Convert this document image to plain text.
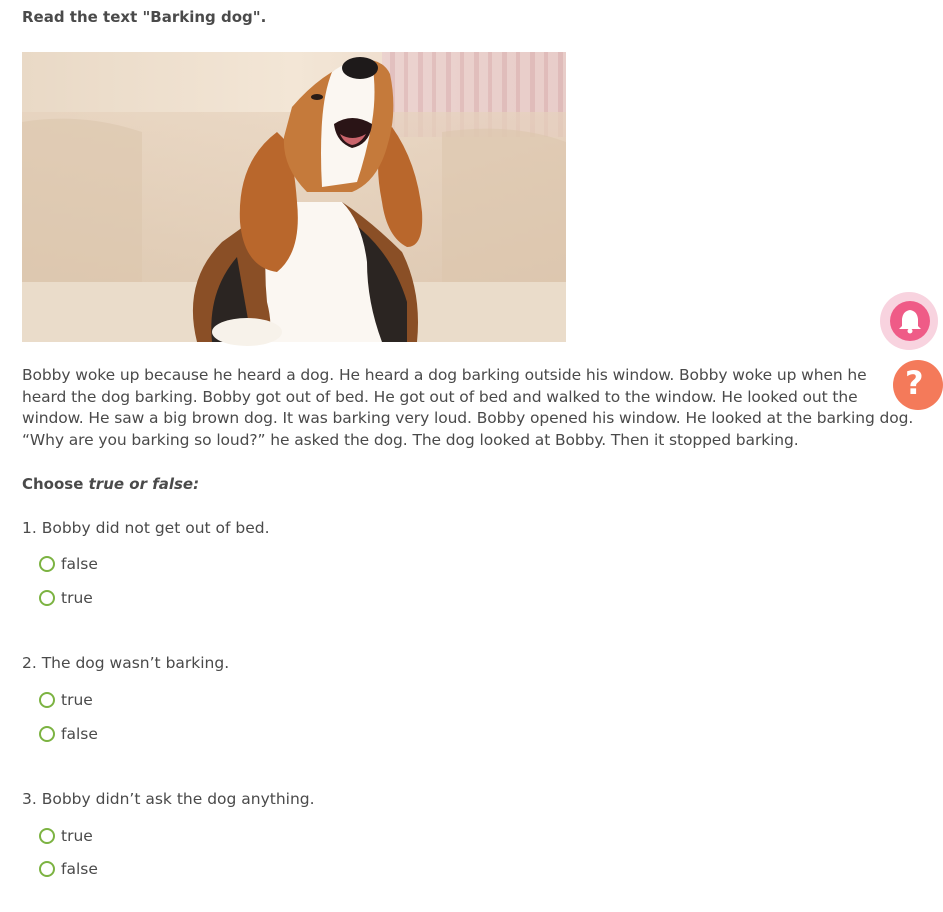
Read the text "Barking dog".
Bobby woke up because he heard a dog. He heard a dog barking outside his window. Bobby woke up when he heard the dog barking. Bobby got out of bed. He got out of bed and walked to the window. He looked out the window. He saw a big brown dog. It was barking very loud. Bobby opened his window. He looked at the barking dog. “Why are you barking so loud?” he asked the dog. The dog looked at Bobby. Then it stopped barking.
Choose true or false:
1. Bobby did not get out of bed.
false
true
2. The dog wasn’t barking.
true
false
3. Bobby didn’t ask the dog anything.
true
false
?
